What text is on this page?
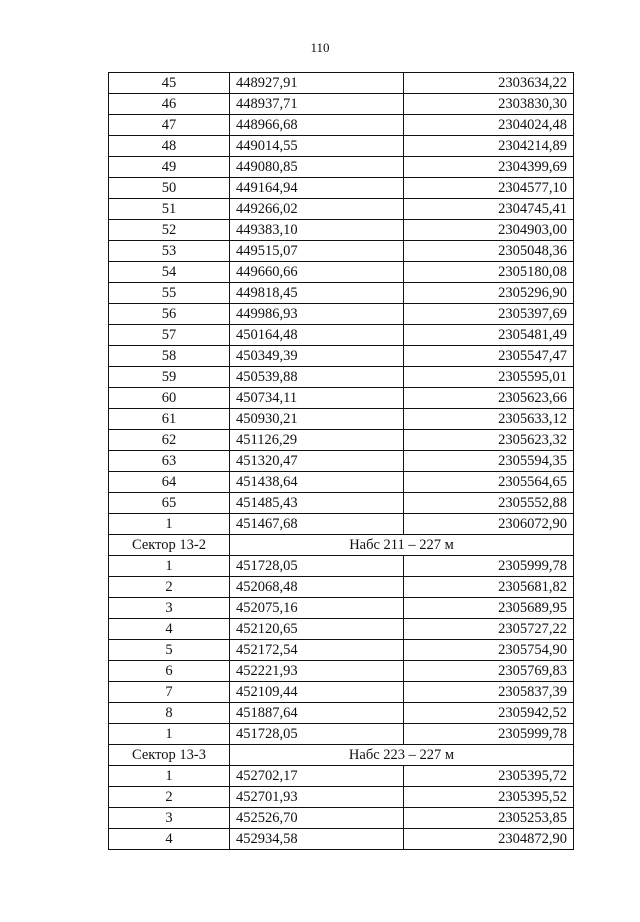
110
45	448927,91	2303634,22
46	448937,71	2303830,30
47	448966,68	2304024,48
48	449014,55	2304214,89
49	449080,85	2304399,69
50	449164,94	2304577,10
51	449266,02	2304745,41
52	449383,10	2304903,00
53	449515,07	2305048,36
54	449660,66	2305180,08
55	449818,45	2305296,90
56	449986,93	2305397,69
57	450164,48	2305481,49
58	450349,39	2305547,47
59	450539,88	2305595,01
60	450734,11	2305623,66
61	450930,21	2305633,12
62	451126,29	2305623,32
63	451320,47	2305594,35
64	451438,64	2305564,65
65	451485,43	2305552,88
1	451467,68	2306072,90
Сектор 13-2	Набс 211 – 227 м	
1	451728,05	2305999,78
2	452068,48	2305681,82
3	452075,16	2305689,95
4	452120,65	2305727,22
5	452172,54	2305754,90
6	452221,93	2305769,83
7	452109,44	2305837,39
8	451887,64	2305942,52
1	451728,05	2305999,78
Сектор 13-3	Набс 223 – 227 м	
1	452702,17	2305395,72
2	452701,93	2305395,52
3	452526,70	2305253,85
4	452934,58	2304872,90
